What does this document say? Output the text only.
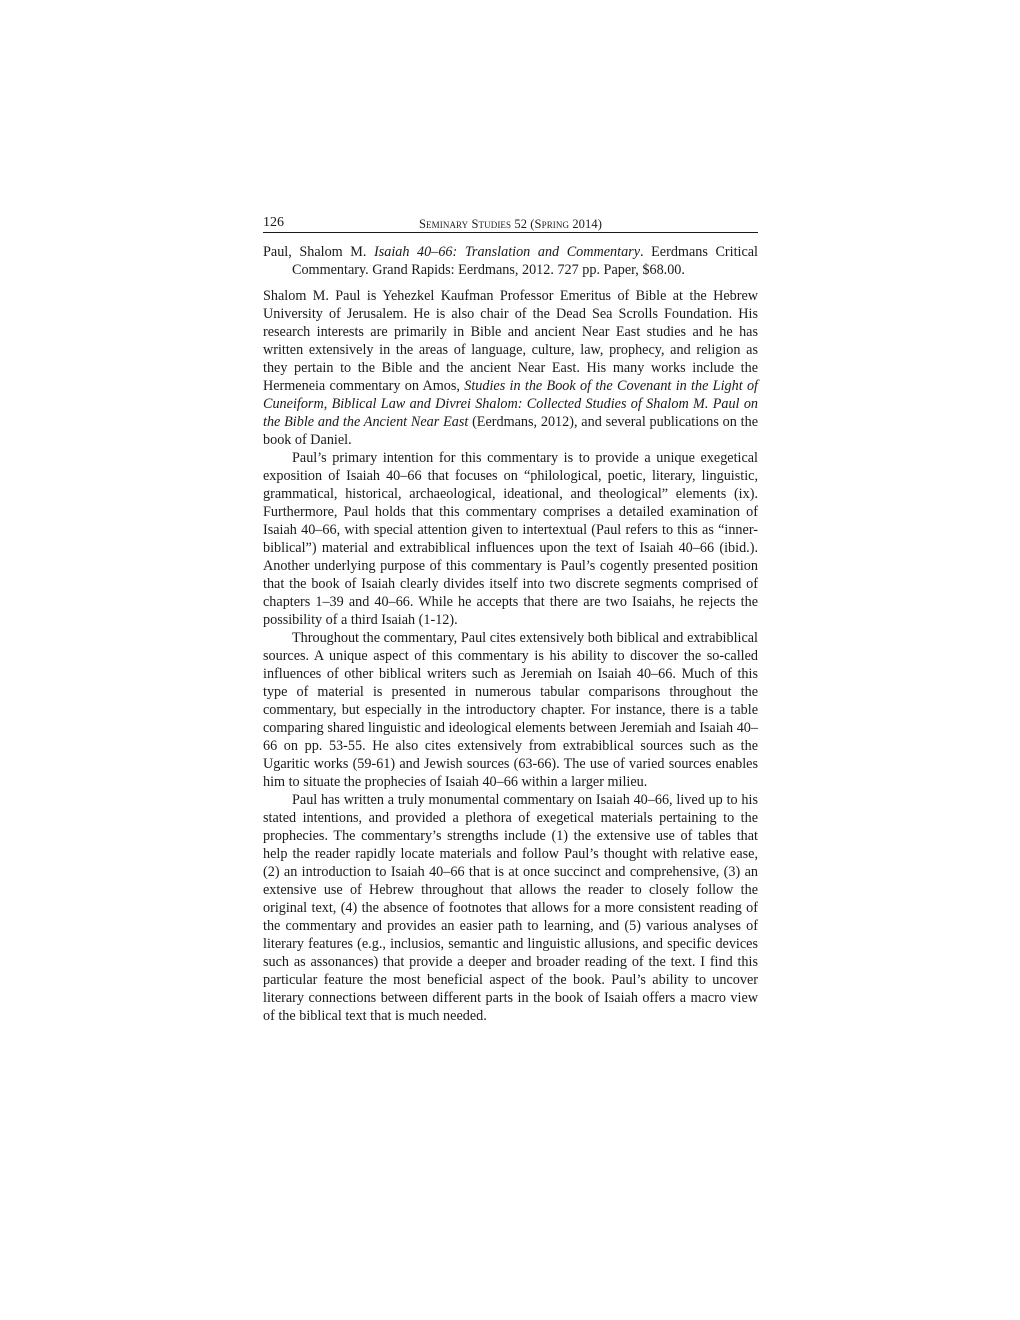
126	Seminary Studies 52 (Spring 2014)
Paul, Shalom M. Isaiah 40–66: Translation and Commentary. Eerdmans Critical Commentary. Grand Rapids: Eerdmans, 2012. 727 pp. Paper, $68.00.

Shalom M. Paul is Yehezkel Kaufman Professor Emeritus of Bible at the Hebrew University of Jerusalem. He is also chair of the Dead Sea Scrolls Foundation. His research interests are primarily in Bible and ancient Near East studies and he has written extensively in the areas of language, culture, law, prophecy, and religion as they pertain to the Bible and the ancient Near East. His many works include the Hermeneia commentary on Amos, Studies in the Book of the Covenant in the Light of Cuneiform, Biblical Law and Divrei Shalom: Collected Studies of Shalom M. Paul on the Bible and the Ancient Near East (Eerdmans, 2012), and several publications on the book of Daniel.

Paul’s primary intention for this commentary is to provide a unique exegetical exposition of Isaiah 40–66 that focuses on “philological, poetic, literary, linguistic, grammatical, historical, archaeological, ideational, and theological” elements (ix). Furthermore, Paul holds that this commentary comprises a detailed examination of Isaiah 40–66, with special attention given to intertextual (Paul refers to this as “inner-biblical”) material and extrabiblical influences upon the text of Isaiah 40–66 (ibid.). Another underlying purpose of this commentary is Paul’s cogently presented position that the book of Isaiah clearly divides itself into two discrete segments comprised of chapters 1–39 and 40–66. While he accepts that there are two Isaiahs, he rejects the possibility of a third Isaiah (1-12).

Throughout the commentary, Paul cites extensively both biblical and extrabiblical sources. A unique aspect of this commentary is his ability to discover the so-called influences of other biblical writers such as Jeremiah on Isaiah 40–66. Much of this type of material is presented in numerous tabular comparisons throughout the commentary, but especially in the introductory chapter. For instance, there is a table comparing shared linguistic and ideological elements between Jeremiah and Isaiah 40–66 on pp. 53-55. He also cites extensively from extrabiblical sources such as the Ugaritic works (59-61) and Jewish sources (63-66). The use of varied sources enables him to situate the prophecies of Isaiah 40–66 within a larger milieu.

Paul has written a truly monumental commentary on Isaiah 40–66, lived up to his stated intentions, and provided a plethora of exegetical materials pertaining to the prophecies. The commentary’s strengths include (1) the extensive use of tables that help the reader rapidly locate materials and follow Paul’s thought with relative ease, (2) an introduction to Isaiah 40–66 that is at once succinct and comprehensive, (3) an extensive use of Hebrew throughout that allows the reader to closely follow the original text, (4) the absence of footnotes that allows for a more consistent reading of the commentary and provides an easier path to learning, and (5) various analyses of literary features (e.g., inclusios, semantic and linguistic allusions, and specific devices such as assonances) that provide a deeper and broader reading of the text. I find this particular feature the most beneficial aspect of the book. Paul’s ability to uncover literary connections between different parts in the book of Isaiah offers a macro view of the biblical text that is much needed.
